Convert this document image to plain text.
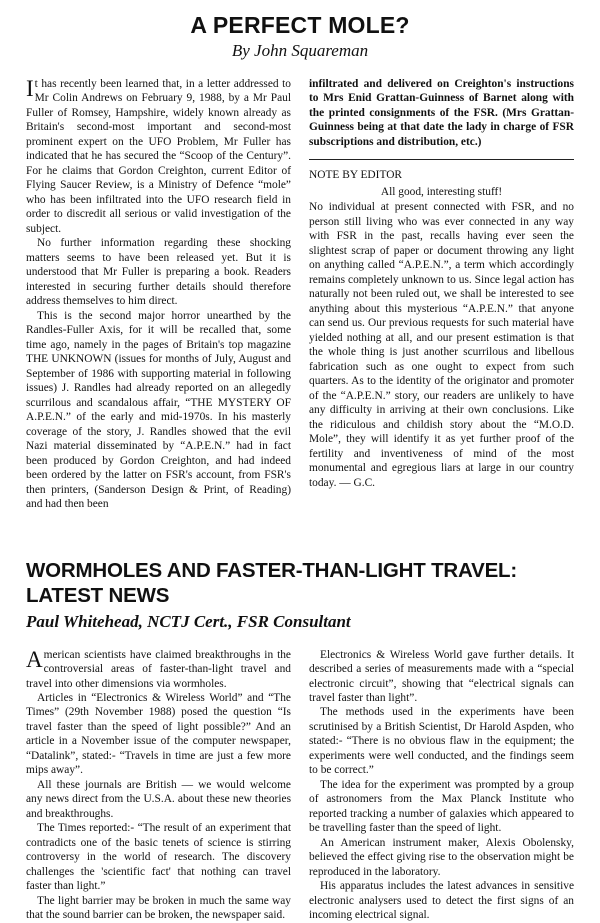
A PERFECT MOLE?
By John Squareman

It has recently been learned that, in a letter addressed to Mr Colin Andrews on February 9, 1988, by a Mr Paul Fuller of Romsey, Hampshire, widely known already as Britain's second-most important and second-most prominent expert on the UFO Problem, Mr Fuller has indicated that he has secured the “Scoop of the Century”. For he claims that Gordon Creighton, current Editor of Flying Saucer Review, is a Ministry of Defence “mole” who has been infiltrated into the UFO research field in order to discredit all serious or valid investigation of the subject.

No further information regarding these shocking matters seems to have been released yet. But it is understood that Mr Fuller is preparing a book. Readers interested in securing further details should therefore address themselves to him direct.

This is the second major horror unearthed by the Randles-Fuller Axis, for it will be recalled that, some time ago, namely in the pages of Britain's top magazine THE UNKNOWN (issues for months of July, August and September of 1986 with supporting material in following issues) J. Randles had already reported on an allegedly scurrilous and scandalous affair, “THE MYSTERY OF A.P.E.N.” of the early and mid-1970s. In his masterly coverage of the story, J. Randles showed that the evil Nazi material disseminated by “A.P.E.N.” had in fact been produced by Gordon Creighton, and had indeed been ordered by the latter on FSR's account, from FSR's then printers, (Sanderson Design & Print, of Reading) and had then been

infiltrated and delivered on Creighton's instructions to Mrs Enid Grattan-Guinness of Barnet along with the printed consignments of the FSR. (Mrs Grattan-Guinness being at that date the lady in charge of FSR subscriptions and distribution, etc.)

NOTE BY EDITOR

All good, interesting stuff!

No individual at present connected with FSR, and no person still living who was ever connected in any way with FSR in the past, recalls having ever seen the slightest scrap of paper or document throwing any light on anything called “A.P.E.N.”, a term which accordingly remains completely unknown to us. Since legal action has naturally not been ruled out, we shall be interested to see anything about this mysterious “A.P.E.N.” that anyone can send us. Our previous requests for such material have yielded nothing at all, and our present estimation is that the whole thing is just another scurrilous and libellous fabrication such as one ought to expect from such quarters. As to the identity of the originator and promoter of the “A.P.E.N.” story, our readers are unlikely to have any difficulty in arriving at their own conclusions. Like the ridiculous and childish story about the “M.O.D. Mole”, they will identify it as yet further proof of the fertility and inventiveness of mind of the most monumental and egregious liars at large in our country today. — G.C.

WORMHOLES AND FASTER-THAN-LIGHT TRAVEL: LATEST NEWS
Paul Whitehead, NCTJ Cert., FSR Consultant

American scientists have claimed breakthroughs in the controversial areas of faster-than-light travel and travel into other dimensions via wormholes.

Articles in “Electronics & Wireless World” and “The Times” (29th November 1988) posed the question “Is travel faster than the speed of light possible?” And an article in a November issue of the computer newspaper, “Datalink”, stated:- “Travels in time are just a few more mips away”.

All these journals are British — we would welcome any news direct from the U.S.A. about these new theories and breakthroughs.

The Times reported:- “The result of an experiment that contradicts one of the basic tenets of science is stirring controversy in the world of research. The discovery challenges the 'scientific fact' that nothing can travel faster than light.”

The light barrier may be broken in much the same way that the sound barrier can be broken, the newspaper said.

Electronics & Wireless World gave further details. It described a series of measurements made with a “special electronic circuit”, showing that “electrical signals can travel faster than light”.

The methods used in the experiments have been scrutinised by a British Scientist, Dr Harold Aspden, who stated:- “There is no obvious flaw in the equipment; the experiments were well conducted, and the findings seem to be correct.”

The idea for the experiment was prompted by a group of astronomers from the Max Planck Institute who reported tracking a number of galaxies which appeared to be travelling faster than the speed of light.

An American instrument maker, Alexis Obolensky, believed the effect giving rise to the observation might be reproduced in the laboratory.

His apparatus includes the latest advances in sensitive electronic analysers used to detect the first signs of an incoming electrical signal.
